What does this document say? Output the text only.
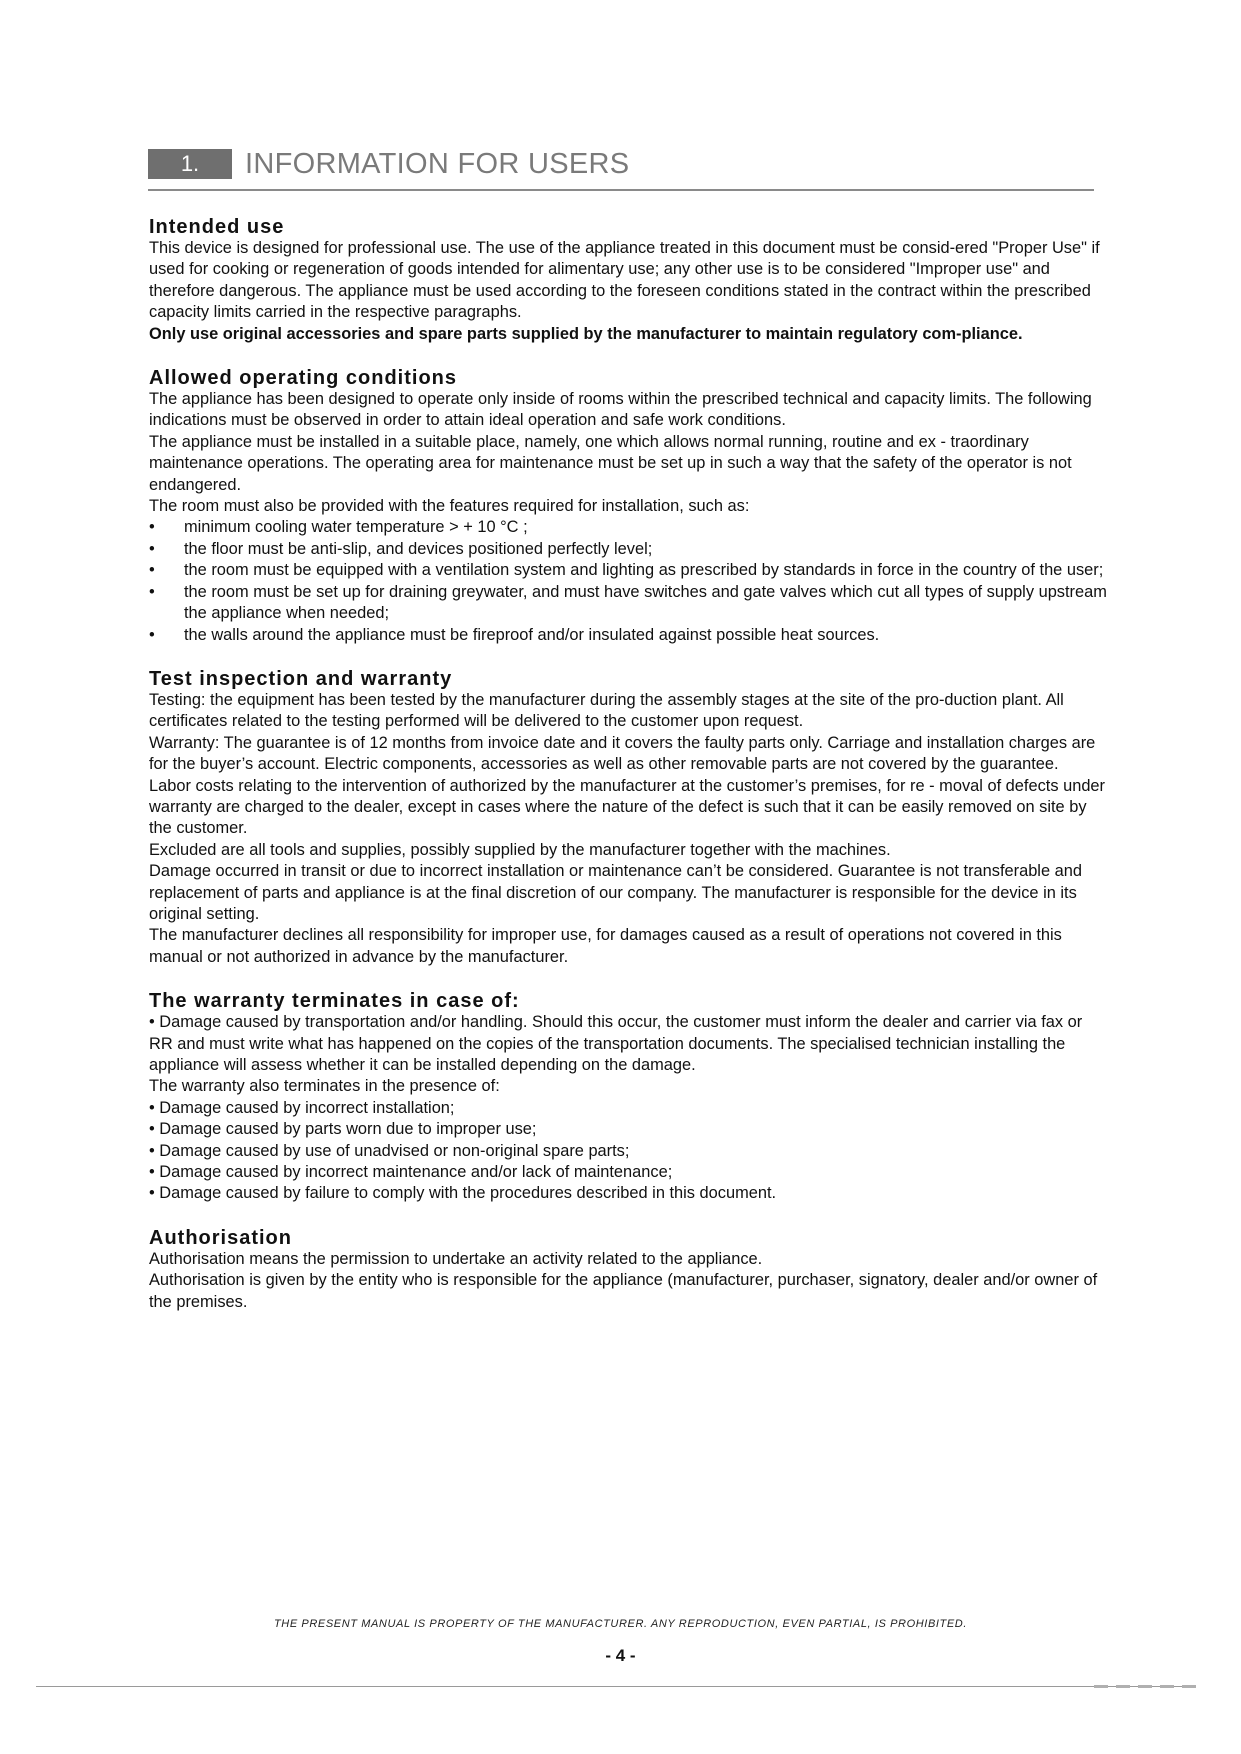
1.	INFORMATION FOR USERS
Intended use

This device is designed for professional use. The use of the appliance treated in this document must be consid-ered "Proper Use" if used for cooking or regeneration of goods intended for alimentary use; any other use is to be considered "Improper use" and therefore dangerous. The appliance must be used according to the foreseen conditions stated in the contract within the prescribed capacity limits carried in the respective paragraphs.

Only use original accessories and spare parts supplied by the manufacturer to maintain regulatory com-pliance.

Allowed operating conditions

The appliance has been designed to operate only inside of rooms within the prescribed technical and capacity limits. The following indications must be observed in order to attain ideal operation and safe work conditions.

The appliance must be installed in a suitable place, namely, one which allows normal running, routine and ex - traordinary maintenance operations. The operating area for maintenance must be set up in such a way that the safety of the operator is not endangered.

The room must also be provided with the features required for installation, such as:

• minimum cooling water temperature > + 10 °C ;
• the floor must be anti-slip, and devices positioned perfectly level;
• the room must be equipped with a ventilation system and lighting as prescribed by standards in force in the country of the user;
• the room must be set up for draining greywater, and must have switches and gate valves which cut all types of supply upstream the appliance when needed;
• the walls around the appliance must be fireproof and/or insulated against possible heat sources.
Test inspection and warranty

Testing: the equipment has been tested by the manufacturer during the assembly stages at the site of the pro-duction plant. All certificates related to the testing performed will be delivered to the customer upon request.

Warranty: The guarantee is of 12 months from invoice date and it covers the faulty parts only. Carriage and installation charges are for the buyer’s account. Electric components, accessories as well as other removable parts are not covered by the guarantee.

Labor costs relating to the intervention of authorized by the manufacturer at the customer’s premises, for re - moval of defects under warranty are charged to the dealer, except in cases where the nature of the defect is such that it can be easily removed on site by the customer.

Excluded are all tools and supplies, possibly supplied by the manufacturer together with the machines.

Damage occurred in transit or due to incorrect installation or maintenance can’t be considered. Guarantee is not transferable and replacement of parts and appliance is at the final discretion of our company. The manufacturer is responsible for the device in its original setting.

The manufacturer declines all responsibility for improper use, for damages caused as a result of operations not covered in this manual or not authorized in advance by the manufacturer.

The warranty terminates in case of:

• Damage caused by transportation and/or handling. Should this occur, the customer must inform the dealer and carrier via fax or RR and must write what has happened on the copies of the transportation documents. The specialised technician installing the appliance will assess whether it can be installed depending on the damage.

The warranty also terminates in the presence of:

• Damage caused by incorrect installation;

• Damage caused by parts worn due to improper use;

• Damage caused by use of unadvised or non-original spare parts;

• Damage caused by incorrect maintenance and/or lack of maintenance;

• Damage caused by failure to comply with the procedures described in this document.

Authorisation

Authorisation means the permission to undertake an activity related to the appliance.

Authorisation is given by the entity who is responsible for the appliance (manufacturer, purchaser, signatory, dealer and/or owner of the premises.

THE PRESENT MANUAL IS PROPERTY OF THE MANUFACTURER. ANY REPRODUCTION, EVEN PARTIAL, IS PROHIBITED.
- 4 -
